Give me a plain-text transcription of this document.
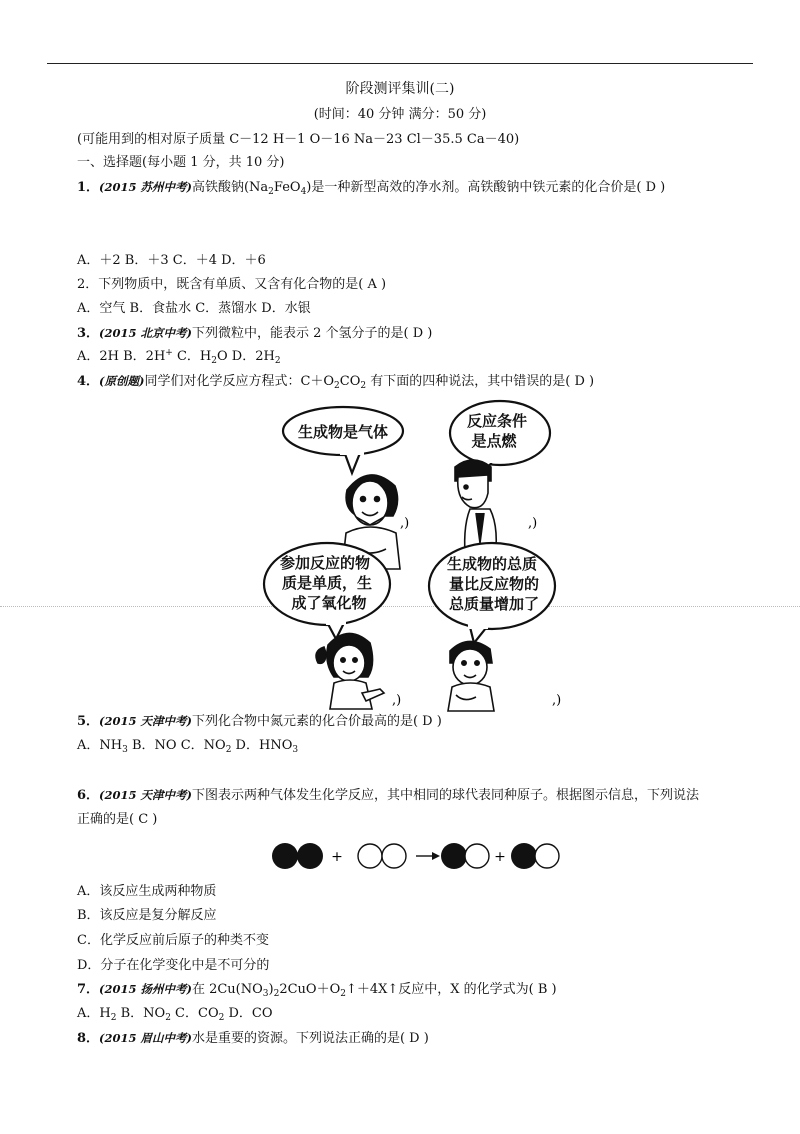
阶段测评集训(二)
(时间：40 分钟 满分：50 分)
(可能用到的相对原子质量 C－12 H－1 O－16 Na－23 Cl－35.5 Ca－40)
一、选择题(每小题 1 分，共 10 分)
1．(2015 苏州中考)高铁酸钠$(Na_2FeO_4)$是一种新型高效的净水剂。高铁酸钠中铁元素的化合价是( D )
A．＋2 B．＋3 C．＋4 D．＋6
2．下列物质中，既含有单质、又含有化合物的是( A )
A．空气 B．食盐水 C．蒸馏水 D．水银
3．(2015 北京中考)下列微粒中，能表示 2 个氢分子的是( D )
A．2H B．2H+ C．$H_2O$ D．$2H_2$
4．(原创题)同学们对化学反应方程式：$C+O_2CO_2$ 有下面的四种说法，其中错误的是( D )
生成物是气体
,)
反应条件
是点燃
,)
参加反应的物
质是单质，生
成了氧化物
,)
生成物的总质
量比反应物的
总质量增加了
,)
5．(2015 天津中考)下列化合物中氮元素的化合价最高的是( D )
A．$NH_3$ B．NO C．$NO_2$ D．$HNO_3$
6．(2015 天津中考)下图表示两种气体发生化学反应，其中相同的球代表同种原子。根据图示信息，下列说法
正确的是( C )
+	+
A．该反应生成两种物质
B．该反应是复分解反应
C．化学反应前后原子的种类不变
D．分子在化学变化中是不可分的
7．(2015 扬州中考)在 $2Cu(NO_3)_22CuO+O_2↑+4X↑$反应中，X 的化学式为( B )
A．$H_2$ B．$NO_2$ C．$CO_2$ D．CO
8．(2015 眉山中考)水是重要的资源。下列说法正确的是( D )
